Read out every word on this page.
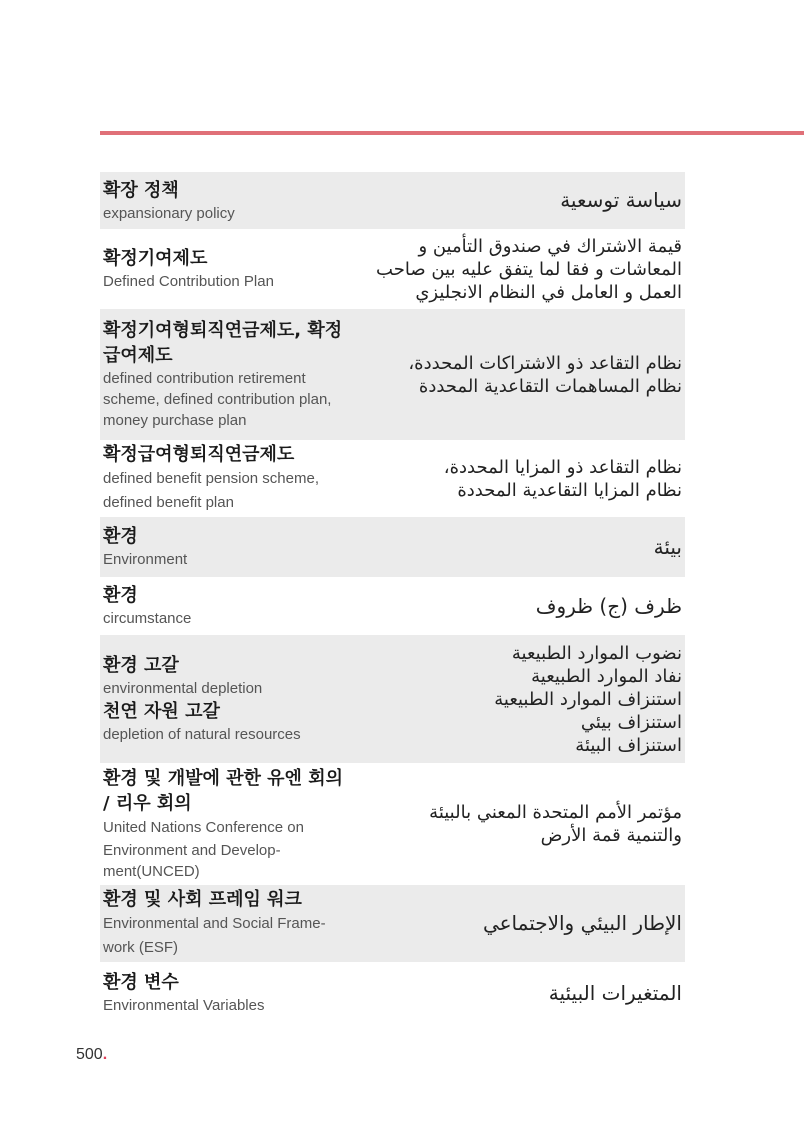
확장 정책
expansionary policy
سياسة توسعية
확정기여제도
Defined Contribution Plan
قيمة الاشتراك في صندوق التأمين و
المعاشات و فقا لما يتفق عليه بين صاحب
العمل و العامل في النظام الانجليزي
확정기여형퇴직연금제도, 확정
급여제도
defined contribution retirement
scheme, defined contribution plan,
money purchase plan
نظام التقاعد ذو الاشتراكات المحددة،
نظام المساهمات التقاعدية المحددة
확정급여형퇴직연금제도
defined benefit pension scheme,
defined benefit plan
نظام التقاعد ذو المزايا المحددة،
نظام المزايا التقاعدية المحددة
환경
Environment
بيئة
환경
circumstance
ظرف (ج) ظروف
환경 고갈
environmental depletion
천연 자원 고갈
depletion of natural resources
نضوب الموارد الطبيعية
نفاد الموارد الطبيعية
استنزاف الموارد الطبيعية
استنزاف بيئي
استنزاف البيئة
환경 및 개발에 관한 유엔 회의
/ 리우 회의
United Nations Conference on
Environment and Develop-
ment(UNCED)
مؤتمر الأمم المتحدة المعني بالبيئة
والتنمية قمة الأرض
환경 및 사회 프레임 워크
Environmental and Social Frame-
work (ESF)
الإطار البيئي والاجتماعي
환경 변수
Environmental Variables
المتغيرات البيئية
500.
